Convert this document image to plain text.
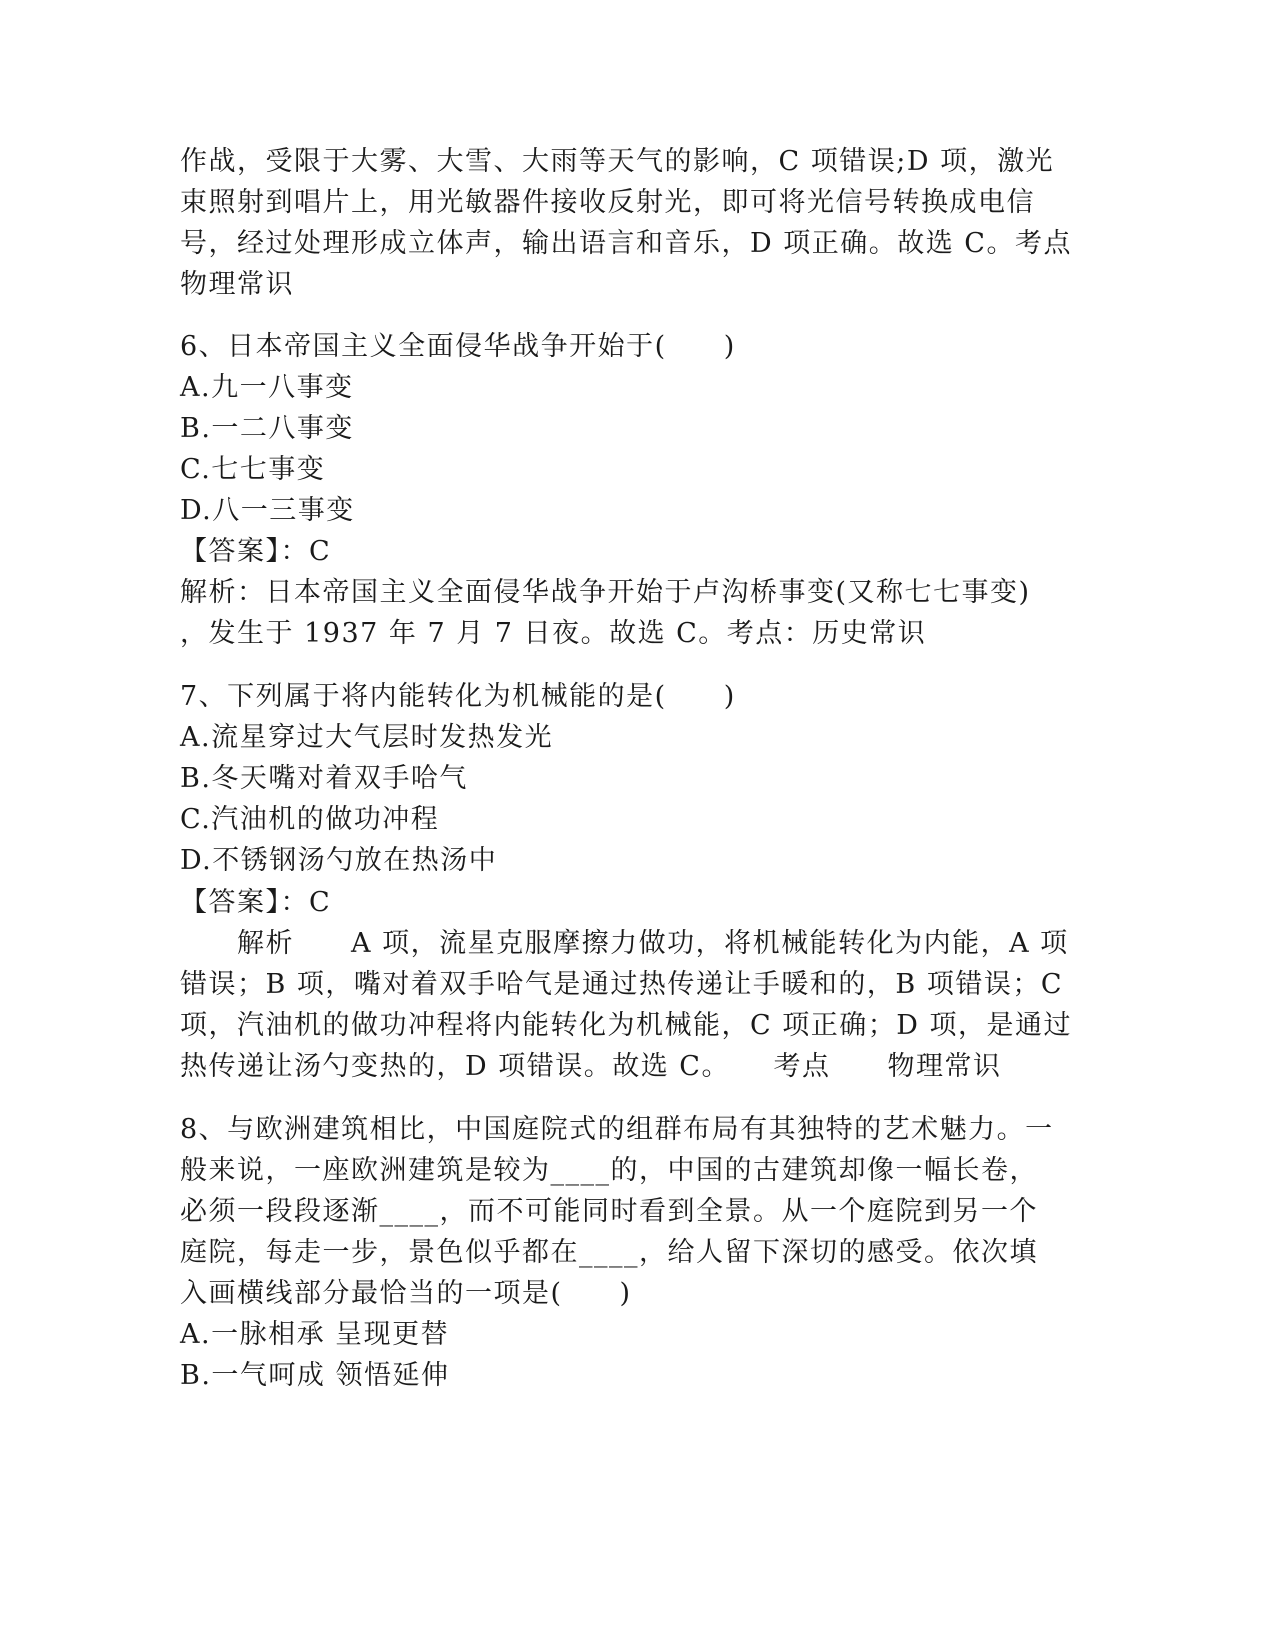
作战，受限于大雾、大雪、大雨等天气的影响，C 项错误;D 项，激光
束照射到唱片上，用光敏器件接收反射光，即可将光信号转换成电信
号，经过处理形成立体声，输出语言和音乐，D 项正确。故选 C。考点
物理常识
6、日本帝国主义全面侵华战争开始于(　　)
A.九一八事变
B.一二八事变
C.七七事变
D.八一三事变
【答案】：C
解析：日本帝国主义全面侵华战争开始于卢沟桥事变(又称七七事变)
，发生于 1937 年 7 月 7 日夜。故选 C。考点：历史常识
7、下列属于将内能转化为机械能的是(　　)
A.流星穿过大气层时发热发光
B.冬天嘴对着双手哈气
C.汽油机的做功冲程
D.不锈钢汤勺放在热汤中
【答案】：C
　　解析　　A 项，流星克服摩擦力做功，将机械能转化为内能，A 项
错误；B 项，嘴对着双手哈气是通过热传递让手暖和的，B 项错误；C
项，汽油机的做功冲程将内能转化为机械能，C 项正确；D 项，是通过
热传递让汤勺变热的，D 项错误。故选 C。　　考点　　物理常识
8、与欧洲建筑相比，中国庭院式的组群布局有其独特的艺术魅力。一
般来说，一座欧洲建筑是较为____的，中国的古建筑却像一幅长卷，
必须一段段逐渐____，而不可能同时看到全景。从一个庭院到另一个
庭院，每走一步，景色似乎都在____，给人留下深切的感受。依次填
入画横线部分最恰当的一项是(　　)
A.一脉相承 呈现更替
B.一气呵成 领悟延伸
